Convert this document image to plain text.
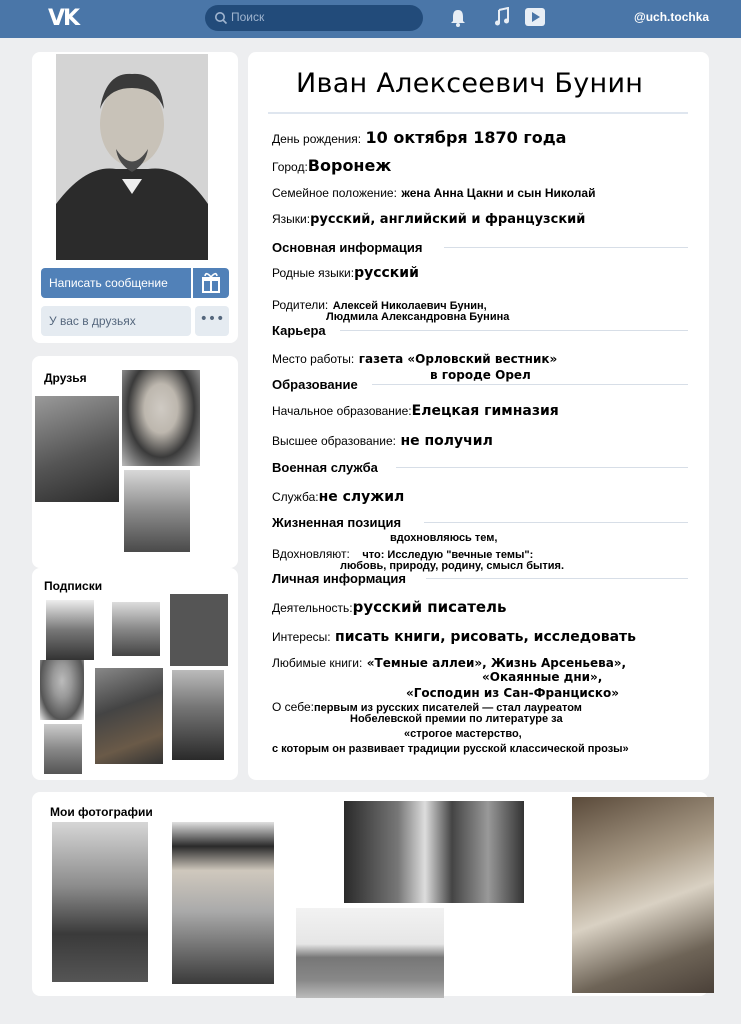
VK	Поиск	@uch.tochka
Написать сообщение
У вас в друзьях	•••
Друзья
Подписки
Иван Алексеевич Бунин
День рождения: 10 октября 1870 года
Город:Воронеж
Семейное положение: жена Анна Цакни и сын Николай
Языки:русский, английский и французский
Основная информация
Родные языки:русский
Родители: Алексей Николаевич Бунин,
Людмила Александровна Бунина
Карьера
Место работы: газета «Орловский вестник»
в городе Орел
Образование
Начальное образование:Елецкая гимназия
Высшее образование: не получил
Военная служба
Служба:не служил
Жизненная позиция
вдохновляюсь тем,
Вдохновляют: что: Исследую "вечные темы":
любовь, природу, родину, смысл бытия.
Личная информация
Деятельность:русский писатель
Интересы: писать книги, рисовать, исследовать
Любимые книги: «Темные аллеи», Жизнь Арсеньева»,
«Окаянные дни»,
«Господин из Сан-Франциско»
О себе:первым из русских писателей — стал лауреатом
Нобелевской премии по литературе за
«строгое мастерство,
с которым он развивает традиции русской классической прозы»
Мои фотографии
